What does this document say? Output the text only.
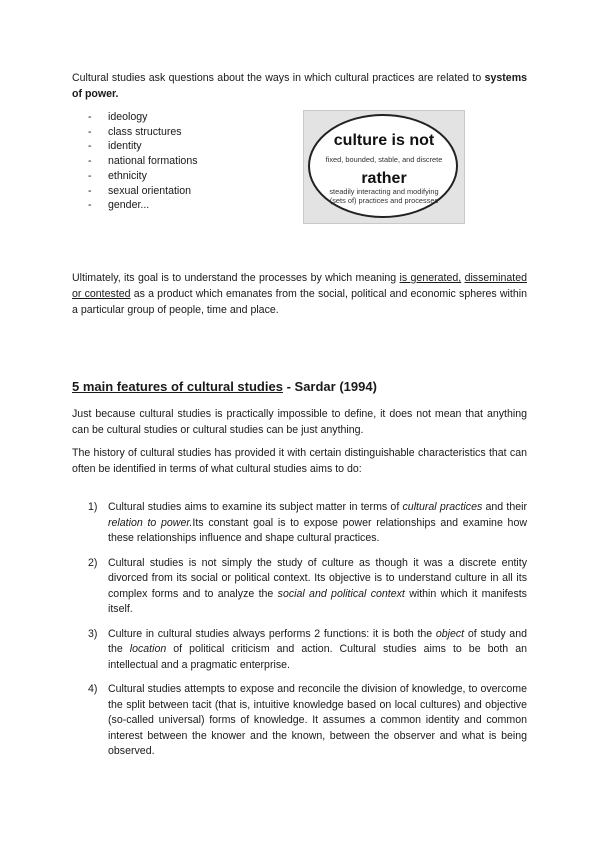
Cultural studies ask questions about the ways in which cultural practices are related to systems of power.
- ideology
- class structures
- identity
- national formations
- ethnicity
- sexual orientation
- gender...
culture is not
fixed, bounded, stable, and discrete
rather
steadily interacting and modifying
(sets of) practices and processes
Ultimately, its goal is to understand the processes by which meaning is generated, disseminated or contested as a product which emanates from the social, political and economic spheres within a particular group of people, time and place.
5 main features of cultural studies - Sardar (1994)
Just because cultural studies is practically impossible to define, it does not mean that anything can be cultural studies or cultural studies can be just anything.
The history of cultural studies has provided it with certain distinguishable characteristics that can often be identified in terms of what cultural studies aims to do:
1) Cultural studies aims to examine its subject matter in terms of cultural practices and their relation to power.Its constant goal is to expose power relationships and examine how these relationships influence and shape cultural practices.
2) Cultural studies is not simply the study of culture as though it was a discrete entity divorced from its social or political context. Its objective is to understand culture in all its complex forms and to analyze the social and political context within which it manifests itself.
3) Culture in cultural studies always performs 2 functions: it is both the object of study and the location of political criticism and action. Cultural studies aims to be both an intellectual and a pragmatic enterprise.
4) Cultural studies attempts to expose and reconcile the division of knowledge, to overcome the split between tacit (that is, intuitive knowledge based on local cultures) and objective (so-called universal) forms of knowledge. It assumes a common identity and common interest between the knower and the known, between the observer and what is being observed.
